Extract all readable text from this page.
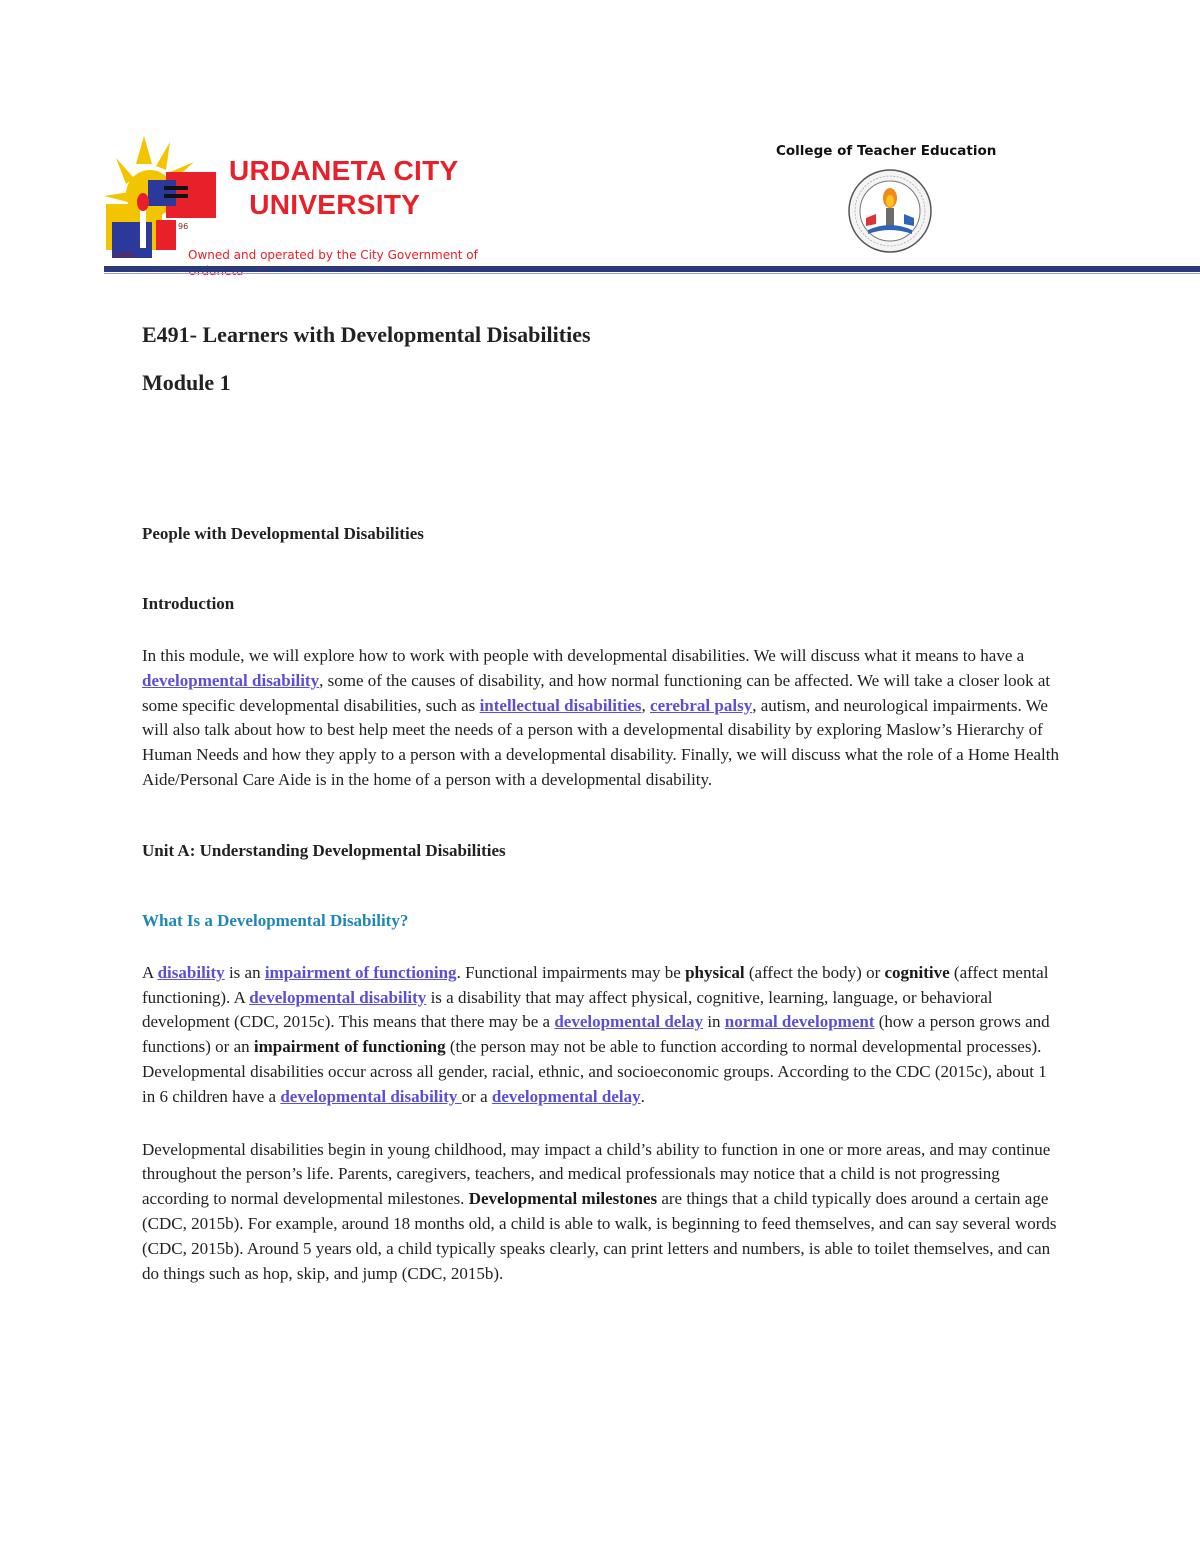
1966
96
URDANETA CITY
UNIVERSITY
Owned and operated by the City Government of
College of Teacher Education
E491- Learners with Developmental Disabilities
Module 1
People with Developmental Disabilities
Introduction

In this module, we will explore how to work with people with developmental disabilities. We will discuss what it means to have a developmental disability, some of the causes of disability, and how normal functioning can be affected. We will take a closer look at some specific developmental disabilities, such as intellectual disabilities, cerebral palsy, autism, and neurological impairments. We will also talk about how to best help meet the needs of a person with a developmental disability by exploring Maslow’s Hierarchy of Human Needs and how they apply to a person with a developmental disability. Finally, we will discuss what the role of a Home Health Aide/Personal Care Aide is in the home of a person with a developmental disability.

Unit A: Understanding Developmental Disabilities
What Is a Developmental Disability?

A disability is an impairment of functioning. Functional impairments may be physical (affect the body) or cognitive (affect mental functioning). A developmental disability is a disability that may affect physical, cognitive, learning, language, or behavioral development (CDC, 2015c). This means that there may be a developmental delay in normal development (how a person grows and functions) or an impairment of functioning (the person may not be able to function according to normal developmental processes). Developmental disabilities occur across all gender, racial, ethnic, and socioeconomic groups. According to the CDC (2015c), about 1 in 6 children have a developmental disability or a developmental delay.

Developmental disabilities begin in young childhood, may impact a child’s ability to function in one or more areas, and may continue throughout the person’s life. Parents, caregivers, teachers, and medical professionals may notice that a child is not progressing according to normal developmental milestones. Developmental milestones are things that a child typically does around a certain age (CDC, 2015b). For example, around 18 months old, a child is able to walk, is beginning to feed themselves, and can say several words (CDC, 2015b). Around 5 years old, a child typically speaks clearly, can print letters and numbers, is able to toilet themselves, and can do things such as hop, skip, and jump (CDC, 2015b).
